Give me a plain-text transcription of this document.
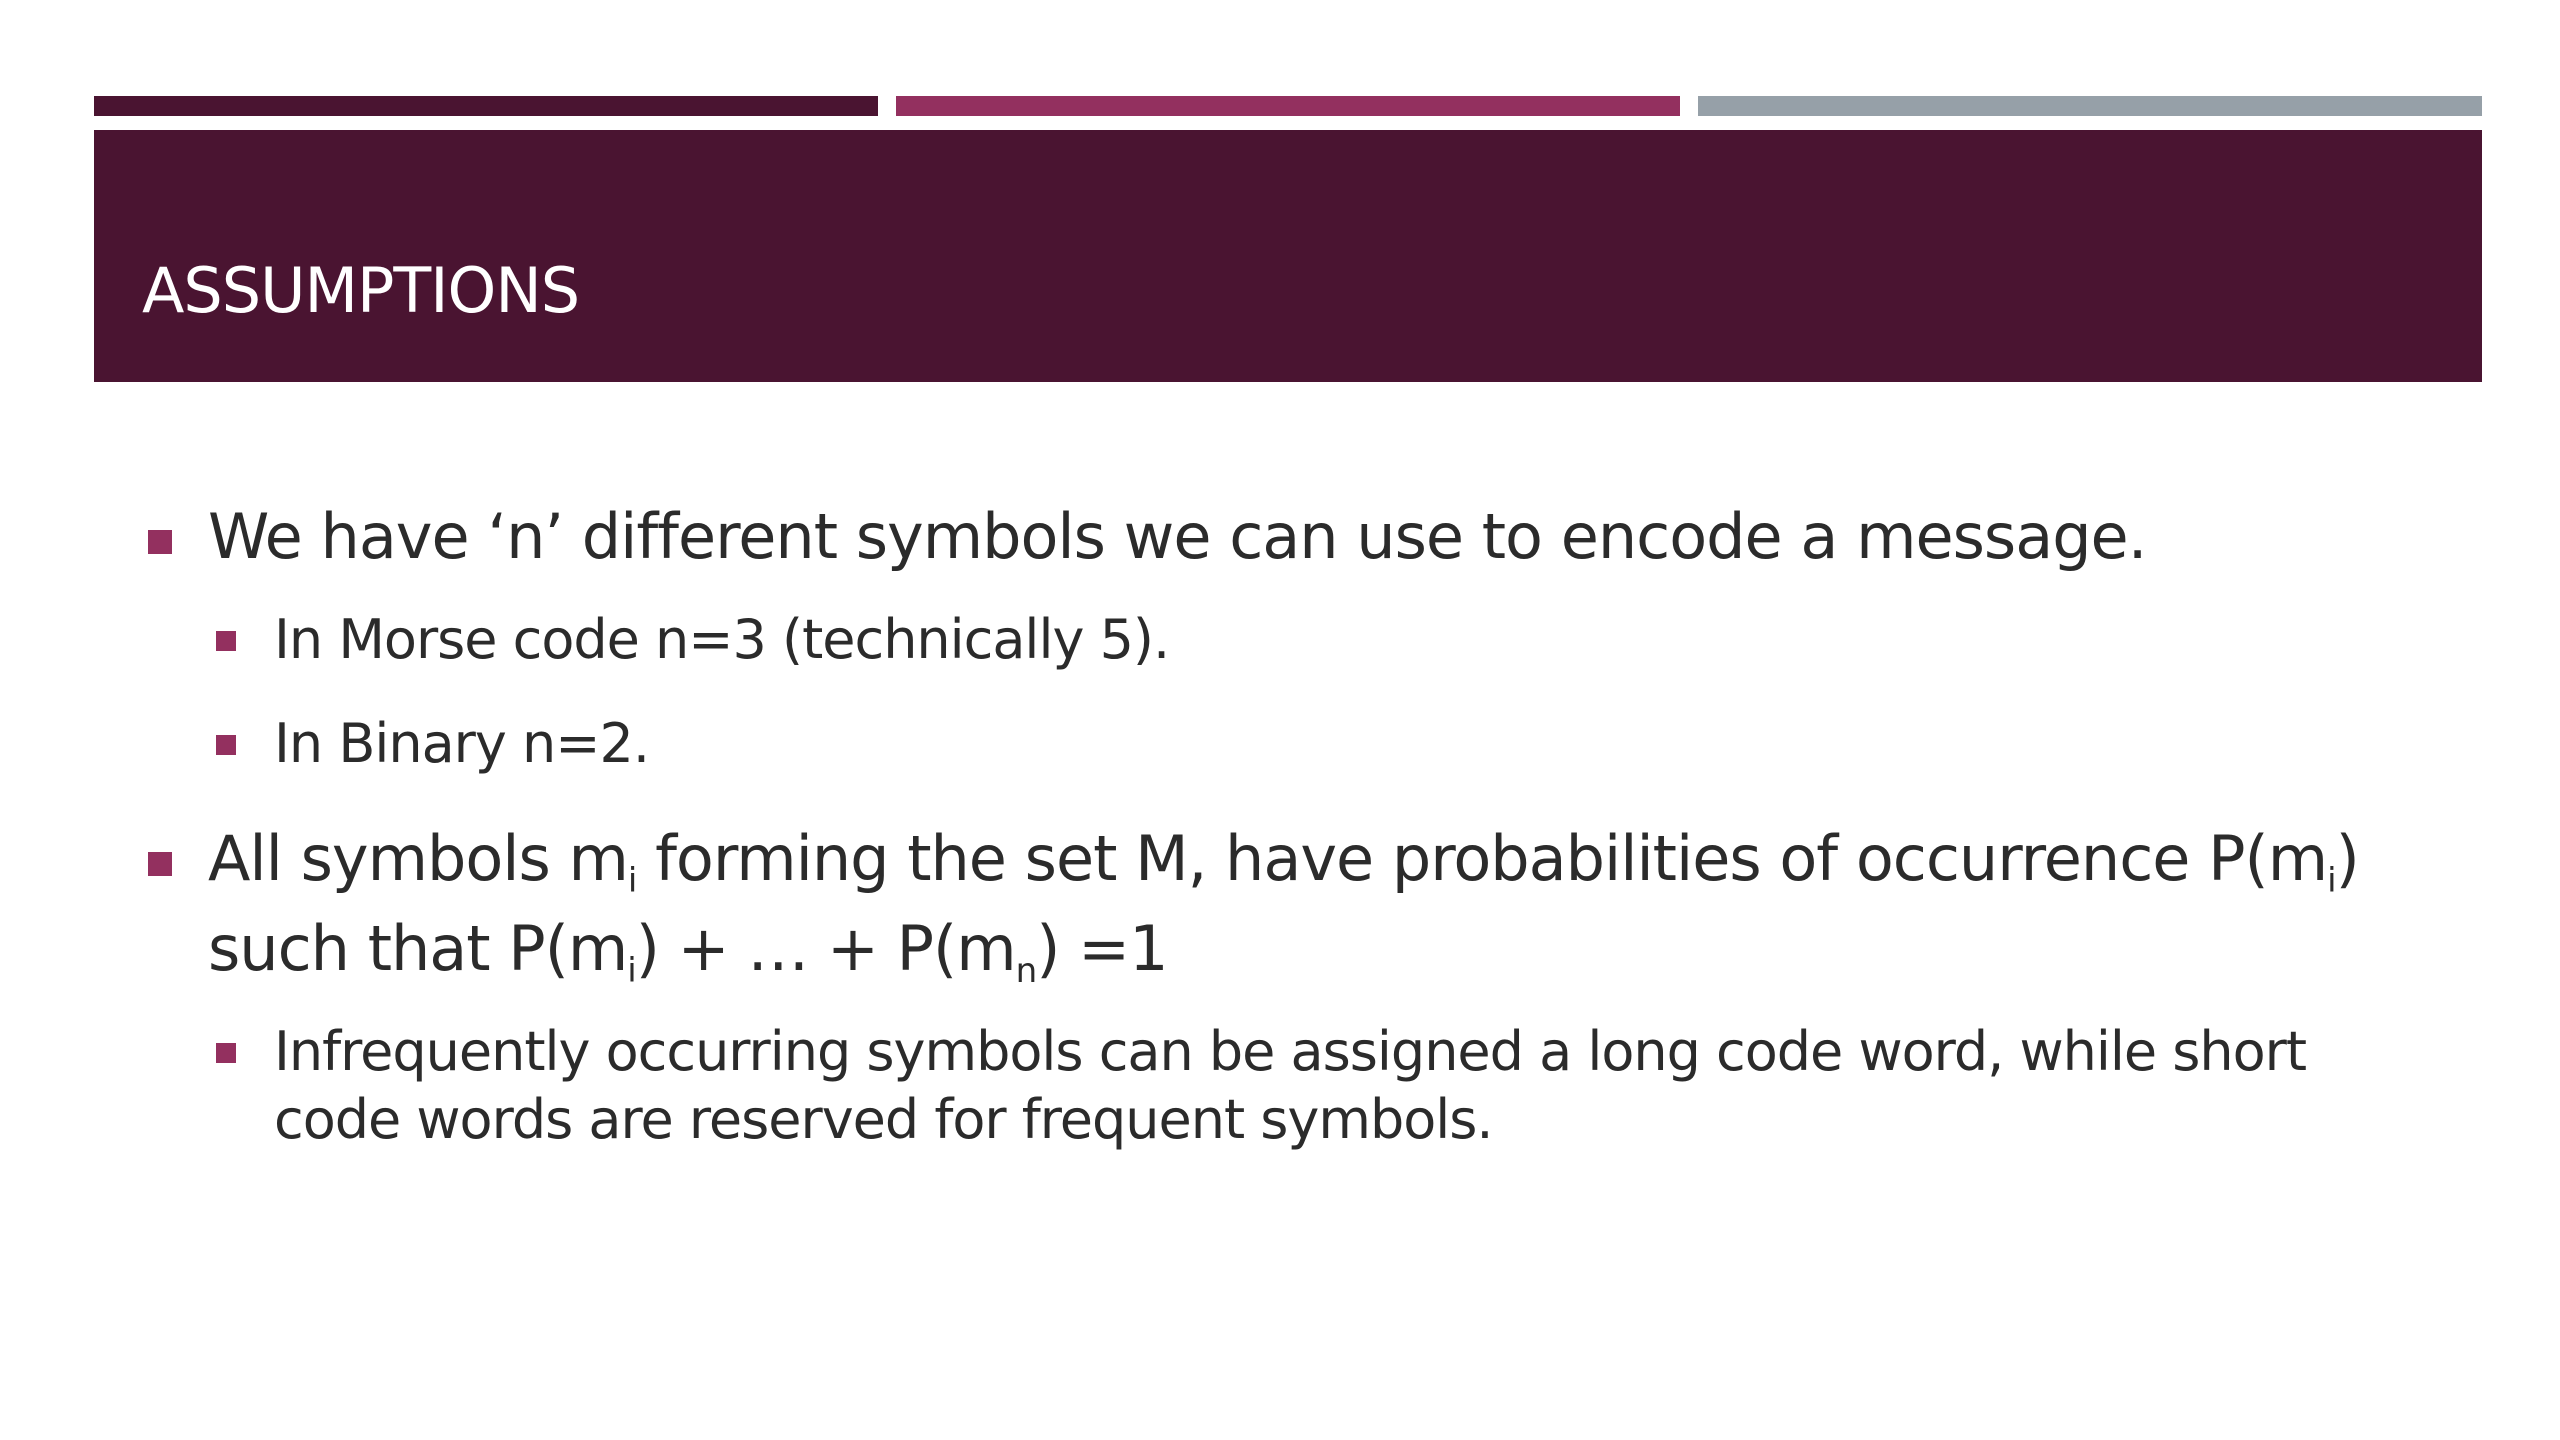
ASSUMPTIONS
We have ‘n’ different symbols we can use to encode a message.
In Morse code n=3 (technically 5).
In Binary n=2.
All symbols $m_i$ forming the set M, have probabilities of occurrence $P(m_i)$ such that $P(m_i)$ + … + $P(m_n) =1$
Infrequently occurring symbols can be assigned a long code word, while short code words are reserved for frequent symbols.
